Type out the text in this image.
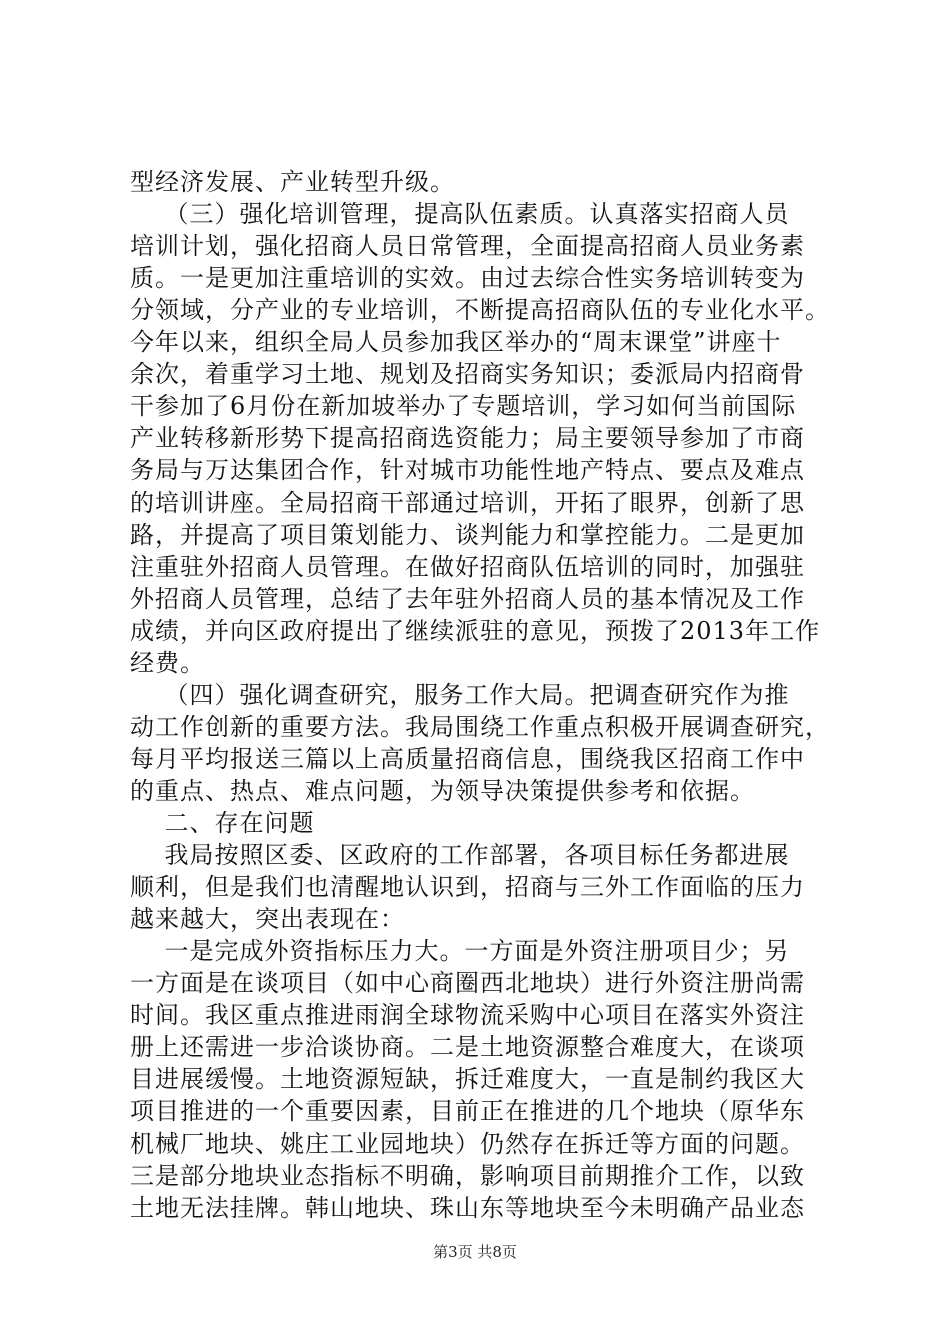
型经济发展、产业转型升级。
（三）强化培训管理，提高队伍素质。认真落实招商人员
培训计划，强化招商人员日常管理，全面提高招商人员业务素
质。一是更加注重培训的实效。由过去综合性实务培训转变为
分领域，分产业的专业培训，不断提高招商队伍的专业化水平。
今年以来，组织全局人员参加我区举办的“周末课堂”讲座十
余次，着重学习土地、规划及招商实务知识；委派局内招商骨
干参加了6月份在新加坡举办了专题培训，学习如何当前国际
产业转移新形势下提高招商选资能力；局主要领导参加了市商
务局与万达集团合作，针对城市功能性地产特点、要点及难点
的培训讲座。全局招商干部通过培训，开拓了眼界，创新了思
路，并提高了项目策划能力、谈判能力和掌控能力。二是更加
注重驻外招商人员管理。在做好招商队伍培训的同时，加强驻
外招商人员管理，总结了去年驻外招商人员的基本情况及工作
成绩，并向区政府提出了继续派驻的意见，预拨了2013年工作
经费。
（四）强化调查研究，服务工作大局。把调查研究作为推
动工作创新的重要方法。我局围绕工作重点积极开展调查研究，
每月平均报送三篇以上高质量招商信息，围绕我区招商工作中
的重点、热点、难点问题，为领导决策提供参考和依据。
二、存在问题
我局按照区委、区政府的工作部署，各项目标任务都进展
顺利，但是我们也清醒地认识到，招商与三外工作面临的压力
越来越大，突出表现在：
一是完成外资指标压力大。一方面是外资注册项目少；另
一方面是在谈项目（如中心商圈西北地块）进行外资注册尚需
时间。我区重点推进雨润全球物流采购中心项目在落实外资注
册上还需进一步洽谈协商。二是土地资源整合难度大，在谈项
目进展缓慢。土地资源短缺，拆迁难度大，一直是制约我区大
项目推进的一个重要因素，目前正在推进的几个地块（原华东
机械厂地块、姚庄工业园地块）仍然存在拆迁等方面的问题。
三是部分地块业态指标不明确，影响项目前期推介工作，以致
土地无法挂牌。韩山地块、珠山东等地块至今未明确产品业态
第3页 共8页
